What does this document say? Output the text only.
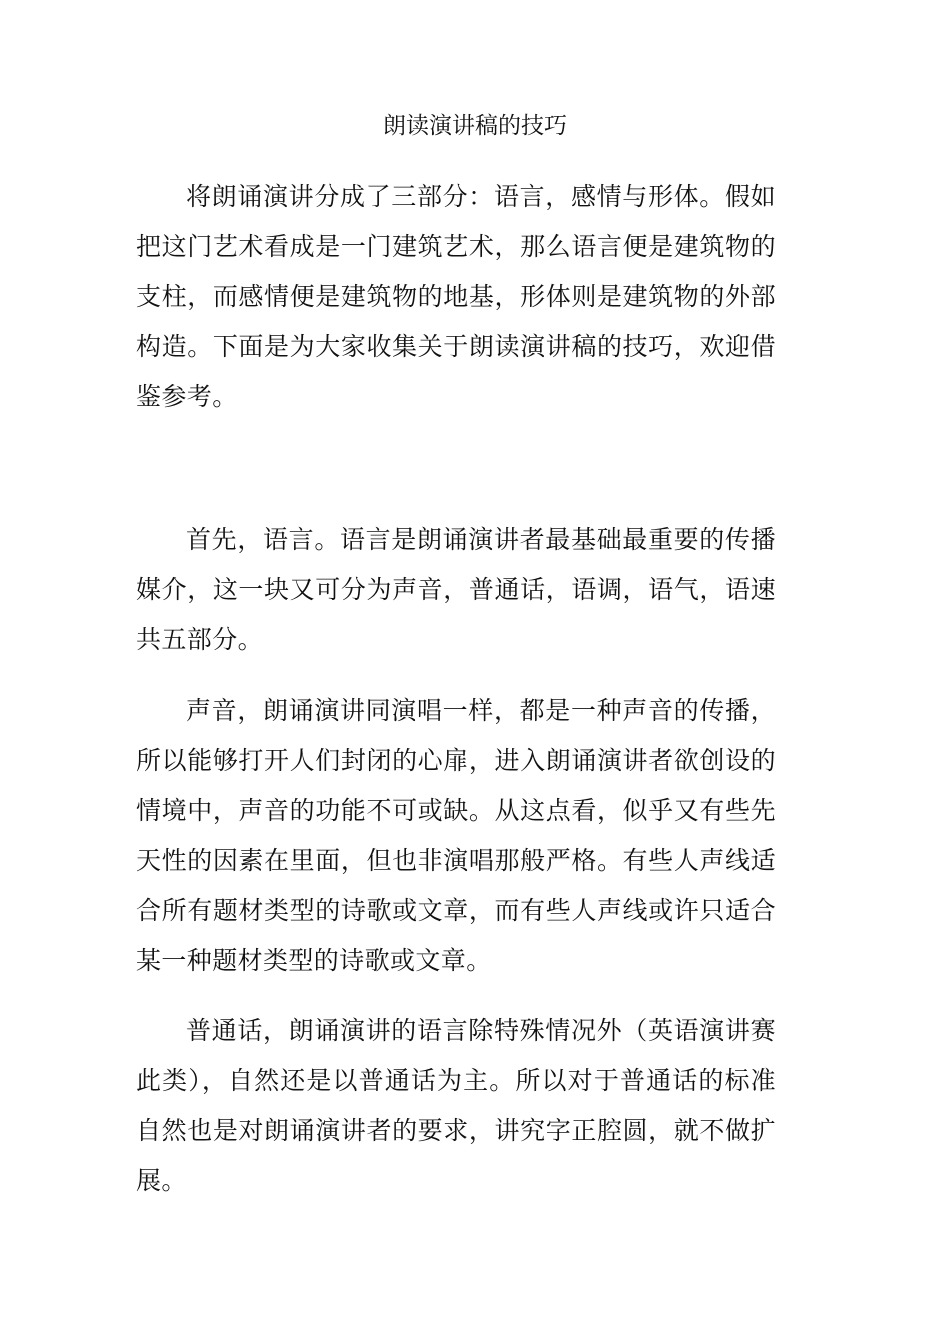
朗读演讲稿的技巧

将朗诵演讲分成了三部分：语言，感情与形体。假如把这门艺术看成是一门建筑艺术，那么语言便是建筑物的支柱，而感情便是建筑物的地基，形体则是建筑物的外部构造。下面是为大家收集关于朗读演讲稿的技巧，欢迎借鉴参考。

首先，语言。语言是朗诵演讲者最基础最重要的传播媒介，这一块又可分为声音，普通话，语调，语气，语速共五部分。

声音，朗诵演讲同演唱一样，都是一种声音的传播，所以能够打开人们封闭的心扉，进入朗诵演讲者欲创设的情境中，声音的功能不可或缺。从这点看，似乎又有些先天性的因素在里面，但也非演唱那般严格。有些人声线适合所有题材类型的诗歌或文章，而有些人声线或许只适合某一种题材类型的诗歌或文章。

普通话，朗诵演讲的语言除特殊情况外（英语演讲赛此类），自然还是以普通话为主。所以对于普通话的标准自然也是对朗诵演讲者的要求，讲究字正腔圆，就不做扩展。
